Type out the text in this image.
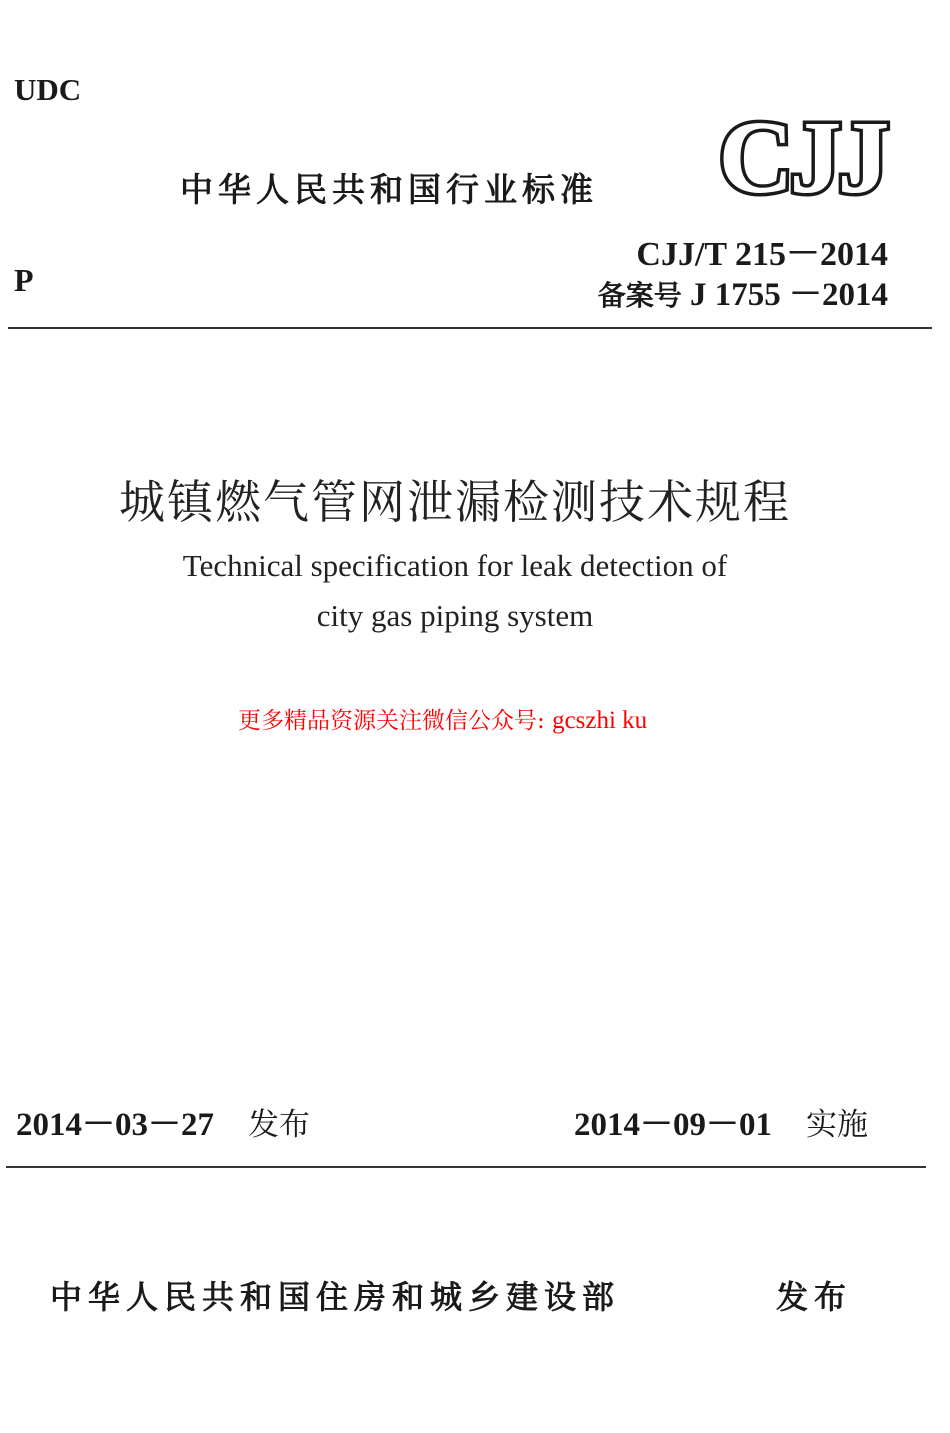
UDC
中华人民共和国行业标准 CJJ
CJJ/T 215－2014
P	备案号 J 1755 －2014
城镇燃气管网泄漏检测技术规程
Technical specification for leak detection of
city gas piping system
更多精品资源关注微信公众号: gcszhi ku
2014－03－27 发布	2014－09－01 实施
中华人民共和国住房和城乡建设部	发布
